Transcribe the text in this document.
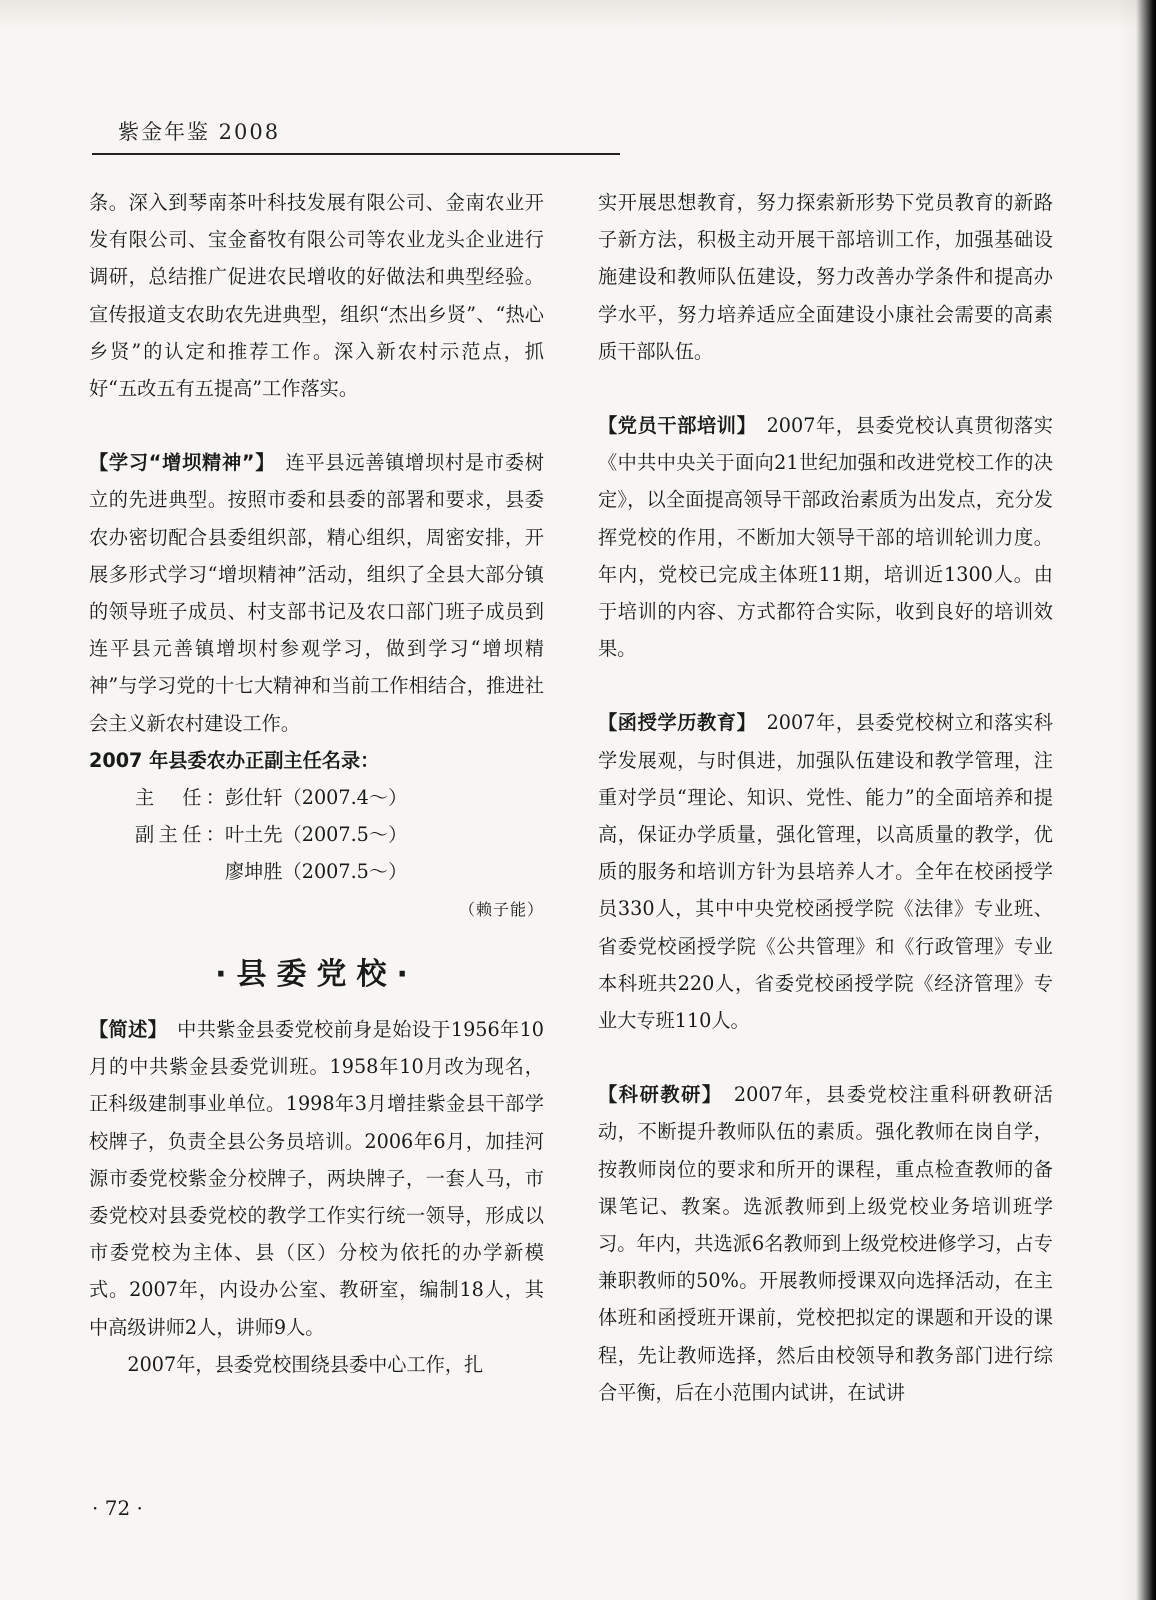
紫金年鉴 2008

条。深入到琴南茶叶科技发展有限公司、金南农业开发有限公司、宝金畜牧有限公司等农业龙头企业进行调研，总结推广促进农民增收的好做法和典型经验。宣传报道支农助农先进典型，组织“杰出乡贤”、“热心乡贤”的认定和推荐工作。深入新农村示范点，抓好“五改五有五提高”工作落实。

【学习“增坝精神”】　 连平县远善镇增坝村是市委树立的先进典型。按照市委和县委的部署和要求，县委农办密切配合县委组织部，精心组织，周密安排，开展多形式学习“增坝精神”活动，组织了全县大部分镇的领导班子成员、村支部书记及农口部门班子成员到连平县元善镇增坝村参观学习，做到学习“增坝精神”与学习党的十七大精神和当前工作相结合，推进社会主义新农村建设工作。

2007 年县委农办正副主任名录：

主　任：彭仕轩（2007.4～）

副主任：叶土先（2007.5～）

廖坤胜（2007.5～）

（赖子能）

·县委党校·

【简述】　 中共紫金县委党校前身是始设于1956年10月的中共紫金县委党训班。1958年10月改为现名，正科级建制事业单位。1998年3月增挂紫金县干部学校牌子，负责全县公务员培训。2006年6月，加挂河源市委党校紫金分校牌子，两块牌子，一套人马，市委党校对县委党校的教学工作实行统一领导，形成以市委党校为主体、县（区）分校为依托的办学新模式。2007年，内设办公室、教研室，编制18人，其中高级讲师2人，讲师9人。

2007年，县委党校围绕县委中心工作，扎

实开展思想教育，努力探索新形势下党员教育的新路子新方法，积极主动开展干部培训工作，加强基础设施建设和教师队伍建设，努力改善办学条件和提高办学水平，努力培养适应全面建设小康社会需要的高素质干部队伍。

【党员干部培训】　 2007年，县委党校认真贯彻落实《中共中央关于面向21世纪加强和改进党校工作的决定》，以全面提高领导干部政治素质为出发点，充分发挥党校的作用，不断加大领导干部的培训轮训力度。年内，党校已完成主体班11期，培训近1300人。由于培训的内容、方式都符合实际，收到良好的培训效果。

【函授学历教育】　 2007年，县委党校树立和落实科学发展观，与时俱进，加强队伍建设和教学管理，注重对学员“理论、知识、党性、能力”的全面培养和提高，保证办学质量，强化管理，以高质量的教学，优质的服务和培训方针为县培养人才。全年在校函授学员330人，其中中央党校函授学院《法律》专业班、省委党校函授学院《公共管理》和《行政管理》专业本科班共220人，省委党校函授学院《经济管理》专业大专班110人。

【科研教研】　 2007年，县委党校注重科研教研活动，不断提升教师队伍的素质。强化教师在岗自学，按教师岗位的要求和所开的课程，重点检查教师的备课笔记、教案。选派教师到上级党校业务培训班学习。年内，共选派6名教师到上级党校进修学习，占专兼职教师的50%。开展教师授课双向选择活动，在主体班和函授班开课前，党校把拟定的课题和开设的课程，先让教师选择，然后由校领导和教务部门进行综合平衡，后在小范围内试讲，在试讲

· 72 ·
